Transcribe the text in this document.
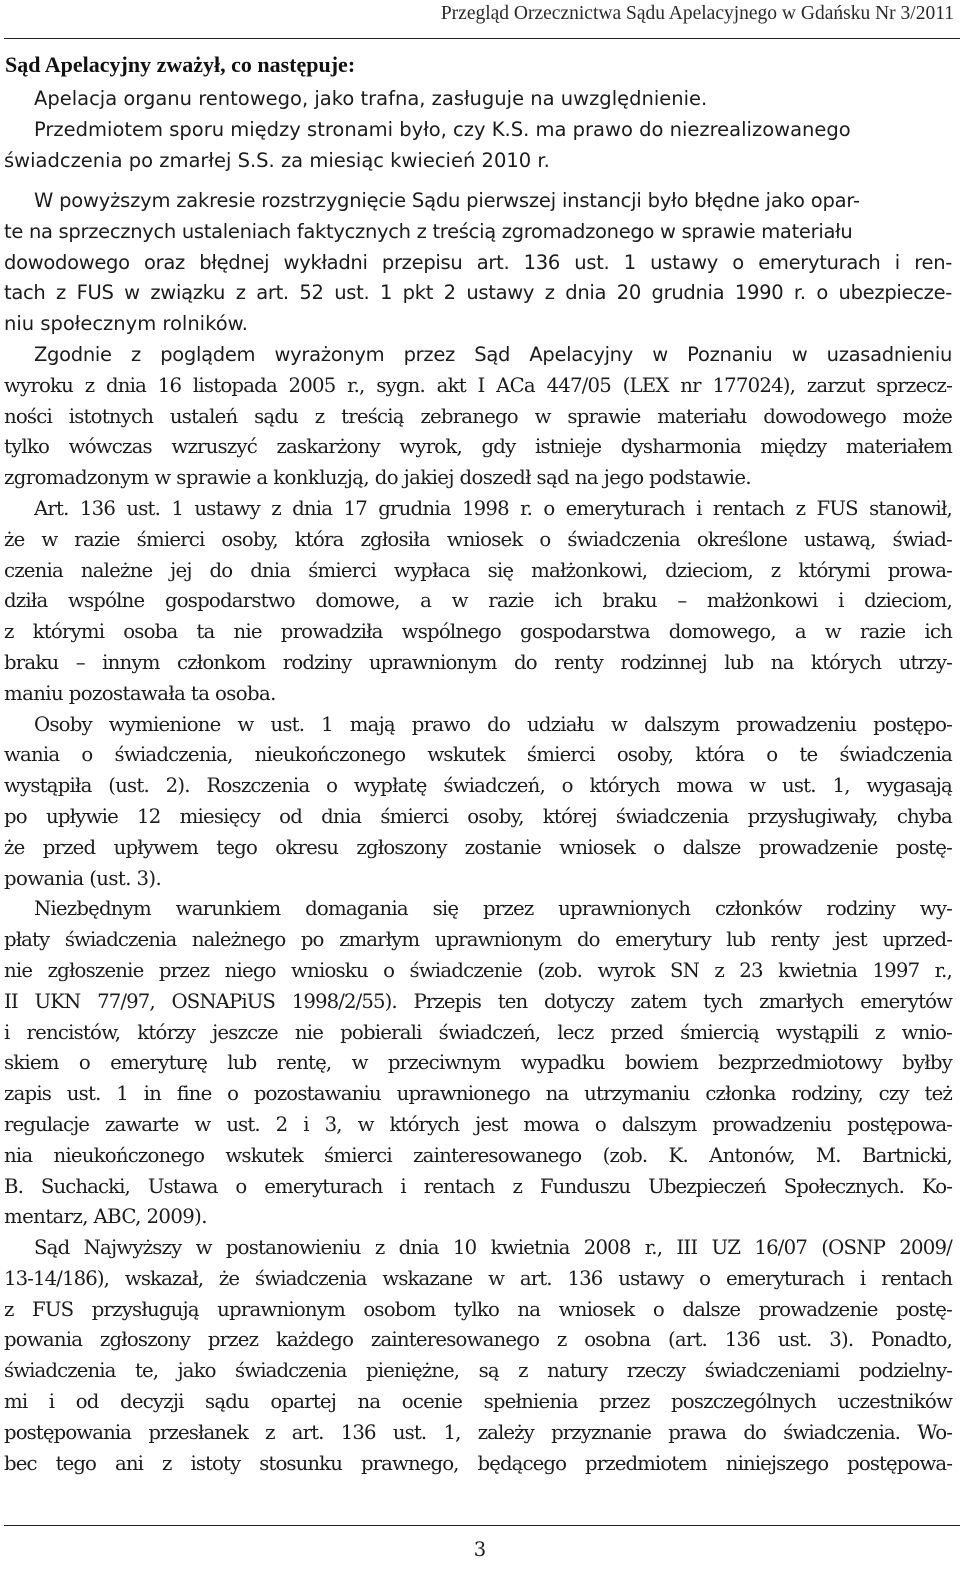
Przegląd Orzecznictwa Sądu Apelacyjnego w Gdańsku Nr 3/2011
Sąd Apelacyjny zważył, co następuje:
Apelacja organu rentowego, jako trafna, zasługuje na uwzględnienie.
Przedmiotem sporu między stronami było, czy K.S. ma prawo do niezrealizowanego
świadczenia po zmarłej S.S. za miesiąc kwiecień 2010 r.
W powyższym zakresie rozstrzygnięcie Sądu pierwszej instancji było błędne jako opar-
te na sprzecznych ustaleniach faktycznych z treścią zgromadzonego w sprawie materiału
dowodowego oraz błędnej wykładni przepisu art. 136 ust. 1 ustawy o emeryturach i ren-
tach z FUS w związku z art. 52 ust. 1 pkt 2 ustawy z dnia 20 grudnia 1990 r. o ubezpiecze-
niu społecznym rolników.
Zgodnie z poglądem wyrażonym przez Sąd Apelacyjny w Poznaniu w uzasadnieniu
wyroku z dnia 16 listopada 2005 r., sygn. akt I ACa 447/05 (LEX nr 177024), zarzut sprzecz-
ności istotnych ustaleń sądu z treścią zebranego w sprawie materiału dowodowego może
tylko wówczas wzruszyć zaskarżony wyrok, gdy istnieje dysharmonia między materiałem
zgromadzonym w sprawie a konkluzją, do jakiej doszedł sąd na jego podstawie.
Art. 136 ust. 1 ustawy z dnia 17 grudnia 1998 r. o emeryturach i rentach z FUS stanowił,
że w razie śmierci osoby, która zgłosiła wniosek o świadczenia określone ustawą, świad-
czenia należne jej do dnia śmierci wypłaca się małżonkowi, dzieciom, z którymi prowa-
dziła wspólne gospodarstwo domowe, a w razie ich braku – małżonkowi i dzieciom,
z którymi osoba ta nie prowadziła wspólnego gospodarstwa domowego, a w razie ich
braku – innym członkom rodziny uprawnionym do renty rodzinnej lub na których utrzy-
maniu pozostawała ta osoba.
Osoby wymienione w ust. 1 mają prawo do udziału w dalszym prowadzeniu postępo-
wania o świadczenia, nieukończonego wskutek śmierci osoby, która o te świadczenia
wystąpiła (ust. 2). Roszczenia o wypłatę świadczeń, o których mowa w ust. 1, wygasają
po upływie 12 miesięcy od dnia śmierci osoby, której świadczenia przysługiwały, chyba
że przed upływem tego okresu zgłoszony zostanie wniosek o dalsze prowadzenie postę-
powania (ust. 3).
Niezbędnym warunkiem domagania się przez uprawnionych członków rodziny wy-
płaty świadczenia należnego po zmarłym uprawnionym do emerytury lub renty jest uprzed-
nie zgłoszenie przez niego wniosku o świadczenie (zob. wyrok SN z 23 kwietnia 1997 r.,
II UKN 77/97, OSNAPiUS 1998/2/55). Przepis ten dotyczy zatem tych zmarłych emerytów
i rencistów, którzy jeszcze nie pobierali świadczeń, lecz przed śmiercią wystąpili z wnio-
skiem o emeryturę lub rentę, w przeciwnym wypadku bowiem bezprzedmiotowy byłby
zapis ust. 1 in fine o pozostawaniu uprawnionego na utrzymaniu członka rodziny, czy też
regulacje zawarte w ust. 2 i 3, w których jest mowa o dalszym prowadzeniu postępowa-
nia nieukończonego wskutek śmierci zainteresowanego (zob. K. Antonów, M. Bartnicki,
B. Suchacki, Ustawa o emeryturach i rentach z Funduszu Ubezpieczeń Społecznych. Ko-
mentarz, ABC, 2009).
Sąd Najwyższy w postanowieniu z dnia 10 kwietnia 2008 r., III UZ 16/07 (OSNP 2009/
13-14/186), wskazał, że świadczenia wskazane w art. 136 ustawy o emeryturach i rentach
z FUS przysługują uprawnionym osobom tylko na wniosek o dalsze prowadzenie postę-
powania zgłoszony przez każdego zainteresowanego z osobna (art. 136 ust. 3). Ponadto,
świadczenia te, jako świadczenia pieniężne, są z natury rzeczy świadczeniami podzielny-
mi i od decyzji sądu opartej na ocenie spełnienia przez poszczególnych uczestników
postępowania przesłanek z art. 136 ust. 1, zależy przyznanie prawa do świadczenia. Wo-
bec tego ani z istoty stosunku prawnego, będącego przedmiotem niniejszego postępowa-
3
